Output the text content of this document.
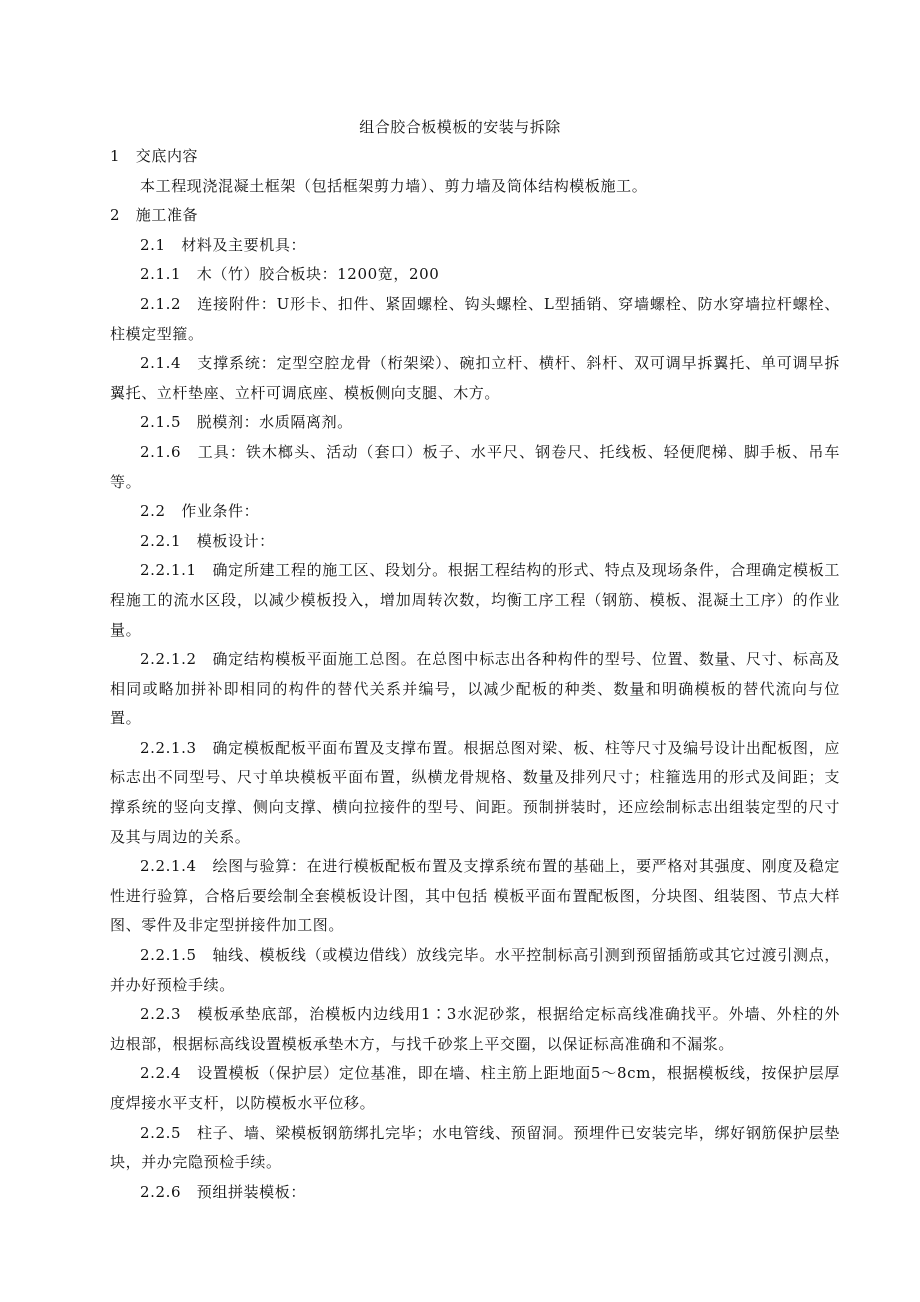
组合胶合板模板的安装与拆除

1　交底内容

本工程现浇混凝土框架（包括框架剪力墙）、剪力墙及筒体结构模板施工。

2　施工准备

2.1　材料及主要机具：

2.1.1　木（竹）胶合板块：1200宽，200

2.1.2　连接附件：U形卡、扣件、紧固螺栓、钩头螺栓、L型插销、穿墙螺栓、防水穿墙拉杆螺栓、柱模定型箍。

2.1.4　支撑系统：定型空腔龙骨（桁架梁）、碗扣立杆、横杆、斜杆、双可调早拆翼托、单可调早拆翼托、立杆垫座、立杆可调底座、模板侧向支腿、木方。

2.1.5　脱模剂：水质隔离剂。

2.1.6　工具：铁木榔头、活动（套口）板子、水平尺、钢卷尺、托线板、轻便爬梯、脚手板、吊车等。

2.2　作业条件：

2.2.1　模板设计：

2.2.1.1　确定所建工程的施工区、段划分。根据工程结构的形式、特点及现场条件，合理确定模板工程施工的流水区段，以减少模板投入，增加周转次数，均衡工序工程（钢筋、模板、混凝土工序）的作业量。

2.2.1.2　确定结构模板平面施工总图。在总图中标志出各种构件的型号、位置、数量、尺寸、标高及相同或略加拼补即相同的构件的替代关系并编号，以减少配板的种类、数量和明确模板的替代流向与位置。

2.2.1.3　确定模板配板平面布置及支撑布置。根据总图对梁、板、柱等尺寸及编号设计出配板图，应标志出不同型号、尺寸单块模板平面布置，纵横龙骨规格、数量及排列尺寸；柱箍选用的形式及间距；支撑系统的竖向支撑、侧向支撑、横向拉接件的型号、间距。预制拼装时，还应绘制标志出组装定型的尺寸及其与周边的关系。

2.2.1.4　绘图与验算：在进行模板配板布置及支撑系统布置的基础上，要严格对其强度、刚度及稳定性进行验算，合格后要绘制全套模板设计图，其中包括 模板平面布置配板图，分块图、组装图、节点大样图、零件及非定型拼接件加工图。

2.2.1.5　轴线、模板线（或模边借线）放线完毕。水平控制标高引测到预留插筋或其它过渡引测点，并办好预检手续。

2.2.3　模板承垫底部，治模板内边线用1∶3水泥砂浆，根据给定标高线准确找平。外墙、外柱的外边根部，根据标高线设置模板承垫木方，与找千砂浆上平交圈，以保证标高准确和不漏浆。

2.2.4　设置模板（保护层）定位基准，即在墙、柱主筋上距地面5～8cm，根据模板线，按保护层厚度焊接水平支杆，以防模板水平位移。

2.2.5　柱子、墙、梁模板钢筋绑扎完毕；水电管线、预留洞。预埋件已安装完毕，绑好钢筋保护层垫块，并办完隐预检手续。

2.2.6　预组拼装模板：
